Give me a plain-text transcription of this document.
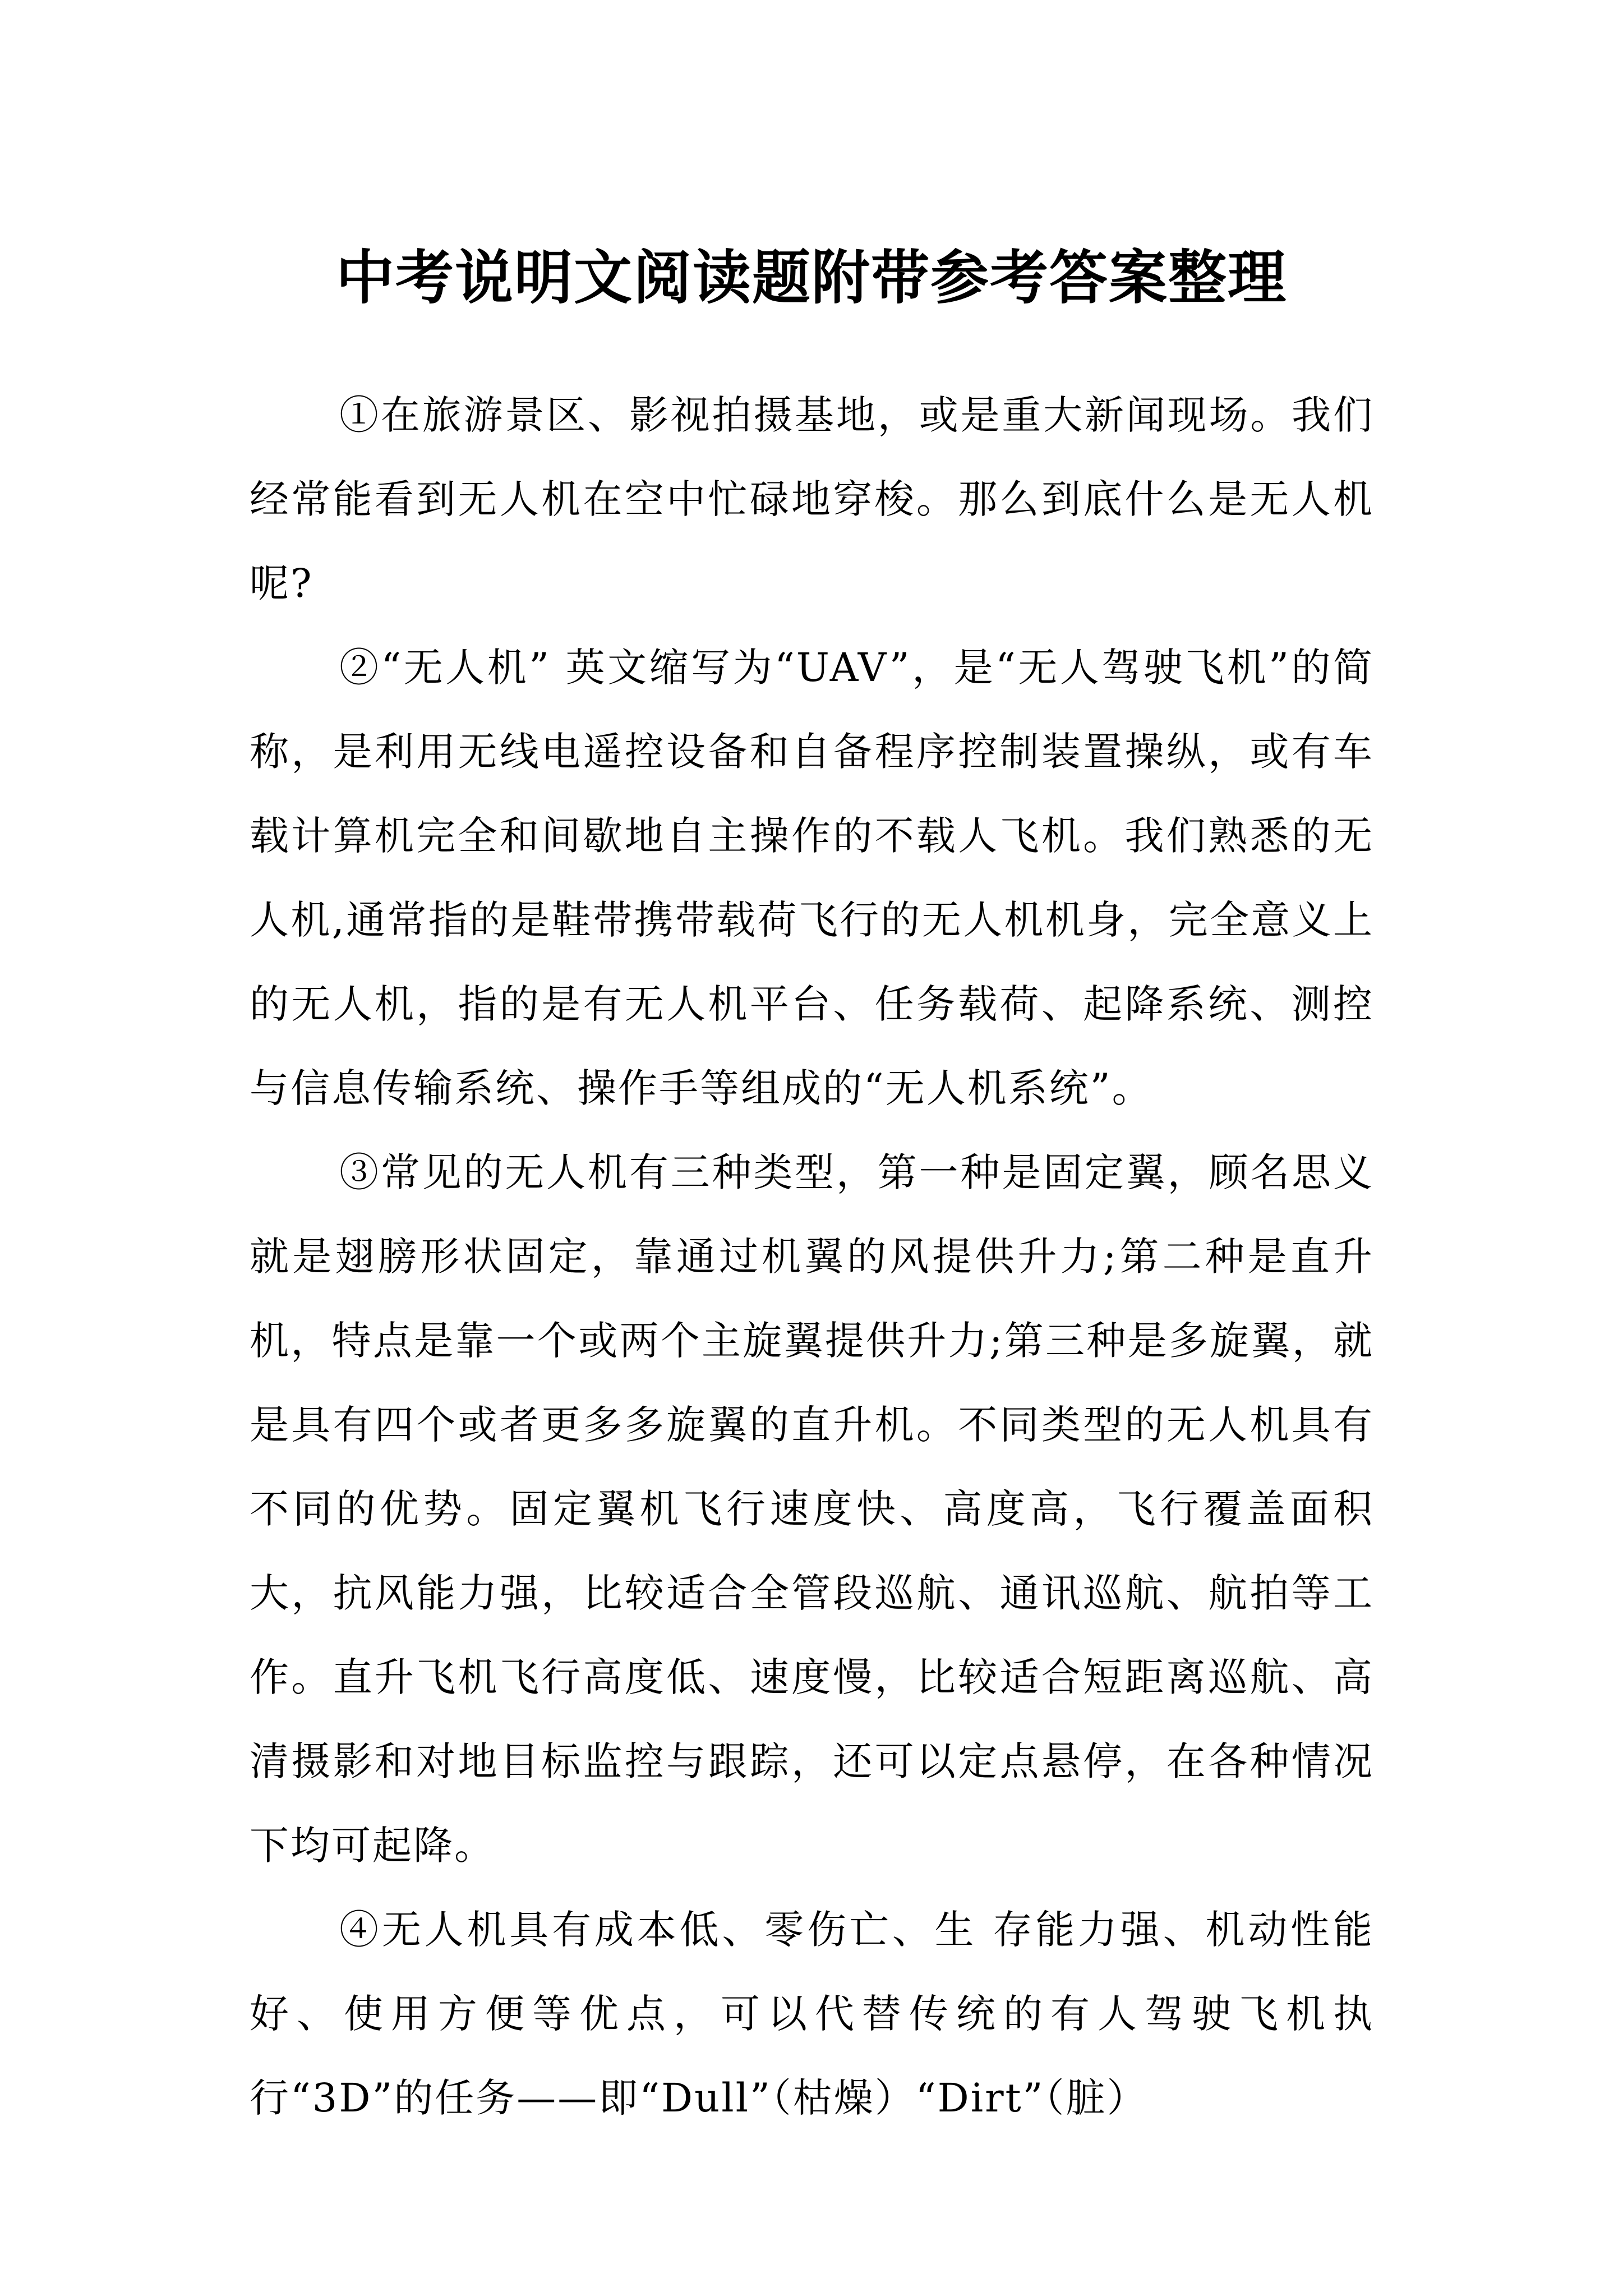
中考说明文阅读题附带参考答案整理

①在旅游景区、影视拍摄基地，或是重大新闻现场。我们经常能看到无人机在空中忙碌地穿梭。那么到底什么是无人机呢?

②“无人机” 英文缩写为“UAV”，是“无人驾驶飞机”的简称，是利用无线电遥控设备和自备程序控制装置操纵，或有车载计算机完全和间歇地自主操作的不载人飞机。我们熟悉的无人机,通常指的是鞋带携带载荷飞行的无人机机身，完全意义上的无人机，指的是有无人机平台、任务载荷、起降系统、测控与信息传输系统、操作手等组成的“无人机系统”。

③常见的无人机有三种类型，第一种是固定翼，顾名思义就是翅膀形状固定，靠通过机翼的风提供升力;第二种是直升机，特点是靠一个或两个主旋翼提供升力;第三种是多旋翼，就是具有四个或者更多多旋翼的直升机。不同类型的无人机具有不同的优势。固定翼机飞行速度快、高度高，飞行覆盖面积大，抗风能力强，比较适合全管段巡航、通讯巡航、航拍等工作。直升飞机飞行高度低、速度慢，比较适合短距离巡航、高清摄影和对地目标监控与跟踪，还可以定点悬停，在各种情况下均可起降。

④无人机具有成本低、零伤亡、生 存能力强、机动性能好、使用方便等优点，可以代替传统的有人驾驶飞机执行“3D”的任务——即“Dull”（枯燥）“Dirt”（脏）
